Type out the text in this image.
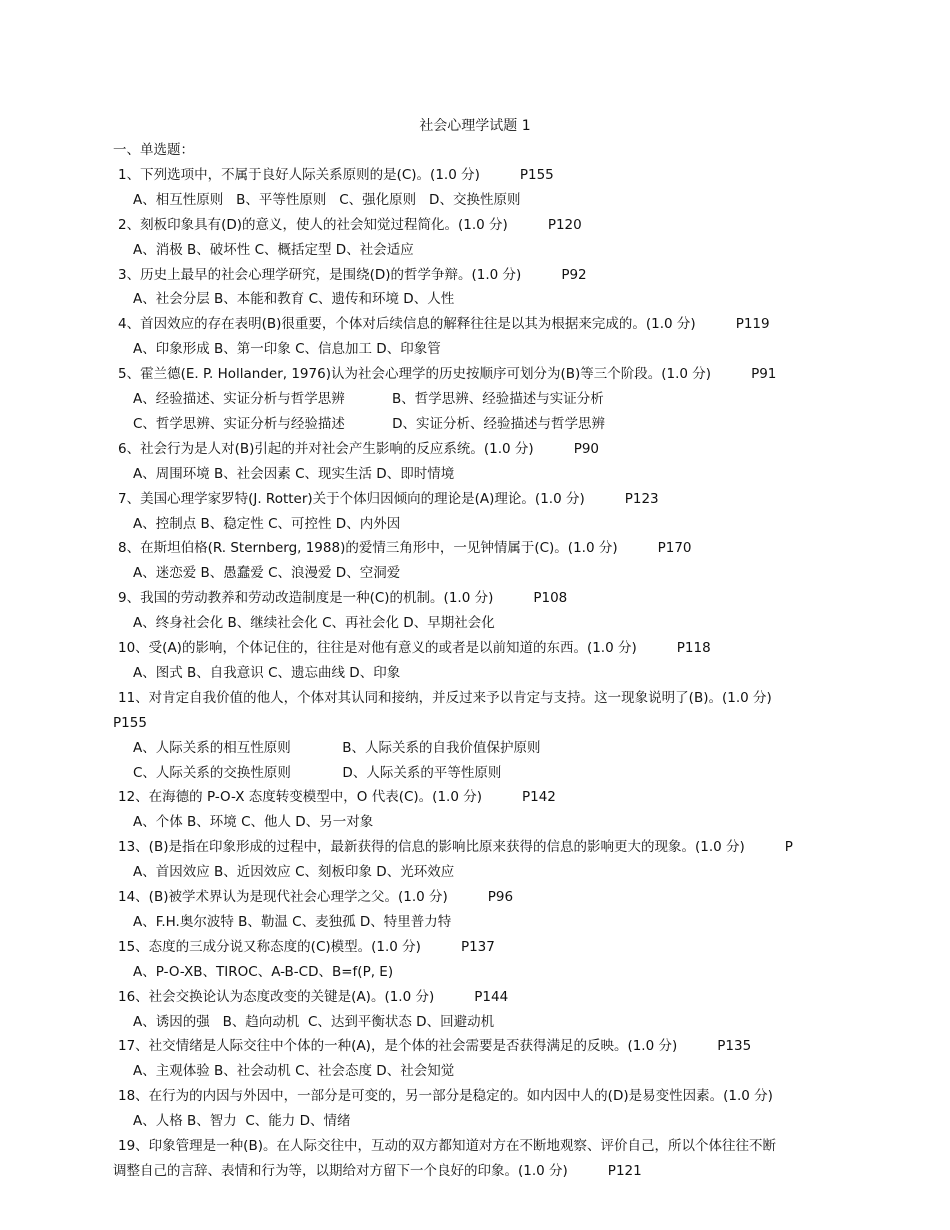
社会心理学试题 1
一、单选题：
1、下列选项中，不属于良好人际关系原则的是(C)。(1.0 分)	P155
A、相互性原则   B、平等性原则   C、强化原则   D、交换性原则
2、刻板印象具有(D)的意义，使人的社会知觉过程简化。(1.0 分)	P120
A、消极 B、破坏性 C、概括定型 D、社会适应
3、历史上最早的社会心理学研究，是围绕(D)的哲学争辩。(1.0 分)	P92
A、社会分层 B、本能和教育 C、遗传和环境 D、人性
4、首因效应的存在表明(B)很重要，个体对后续信息的解释往往是以其为根据来完成的。(1.0 分)	P119
A、印象形成 B、第一印象 C、信息加工 D、印象管
5、霍兰德(E. P. Hollander, 1976)认为社会心理学的历史按顺序可划分为(B)等三个阶段。(1.0 分)	P91
A、经验描述、实证分析与哲学思辨           B、哲学思辨、经验描述与实证分析
C、哲学思辨、实证分析与经验描述           D、实证分析、经验描述与哲学思辨
6、社会行为是人对(B)引起的并对社会产生影响的反应系统。(1.0 分)	P90
A、周围环境 B、社会因素 C、现实生活 D、即时情境
7、美国心理学家罗特(J. Rotter)关于个体归因倾向的理论是(A)理论。(1.0 分)	P123
A、控制点 B、稳定性 C、可控性 D、内外因
8、在斯坦伯格(R. Sternberg, 1988)的爱情三角形中，一见钟情属于(C)。(1.0 分)	P170
A、迷恋爱 B、愚蠢爱 C、浪漫爱 D、空洞爱
9、我国的劳动教养和劳动改造制度是一种(C)的机制。(1.0 分)	P108
A、终身社会化 B、继续社会化 C、再社会化 D、早期社会化
10、受(A)的影响，个体记住的，往往是对他有意义的或者是以前知道的东西。(1.0 分)	P118
A、图式 B、自我意识 C、遗忘曲线 D、印象
11、对肯定自我价值的他人，个体对其认同和接纳，并反过来予以肯定与支持。这一现象说明了(B)。(1.0 分)
P155
A、人际关系的相互性原则            B、人际关系的自我价值保护原则
C、人际关系的交换性原则            D、人际关系的平等性原则
12、在海德的 P-O-X 态度转变模型中，O 代表(C)。(1.0 分)	P142
A、个体 B、环境 C、他人 D、另一对象
13、(B)是指在印象形成的过程中，最新获得的信息的影响比原来获得的信息的影响更大的现象。(1.0 分)	P
A、首因效应 B、近因效应 C、刻板印象 D、光环效应
14、(B)被学术界认为是现代社会心理学之父。(1.0 分)	P96
A、F.H.奥尔波特 B、勒温 C、麦独孤 D、特里普力特
15、态度的三成分说又称态度的(C)模型。(1.0 分)	P137
A、P-O-XB、TIROC、A-B-CD、B=f(P, E)
16、社会交换论认为态度改变的关键是(A)。(1.0 分)	P144
A、诱因的强   B、趋向动机  C、达到平衡状态 D、回避动机
17、社交情绪是人际交往中个体的一种(A)，是个体的社会需要是否获得满足的反映。(1.0 分)	P135
A、主观体验 B、社会动机 C、社会态度 D、社会知觉
18、在行为的内因与外因中，一部分是可变的，另一部分是稳定的。如内因中人的(D)是易变性因素。(1.0 分)
A、人格 B、智力  C、能力 D、情绪
19、印象管理是一种(B)。在人际交往中，互动的双方都知道对方在不断地观察、评价自己，所以个体往往不断
调整自己的言辞、表情和行为等，以期给对方留下一个良好的印象。(1.0 分)	P121
